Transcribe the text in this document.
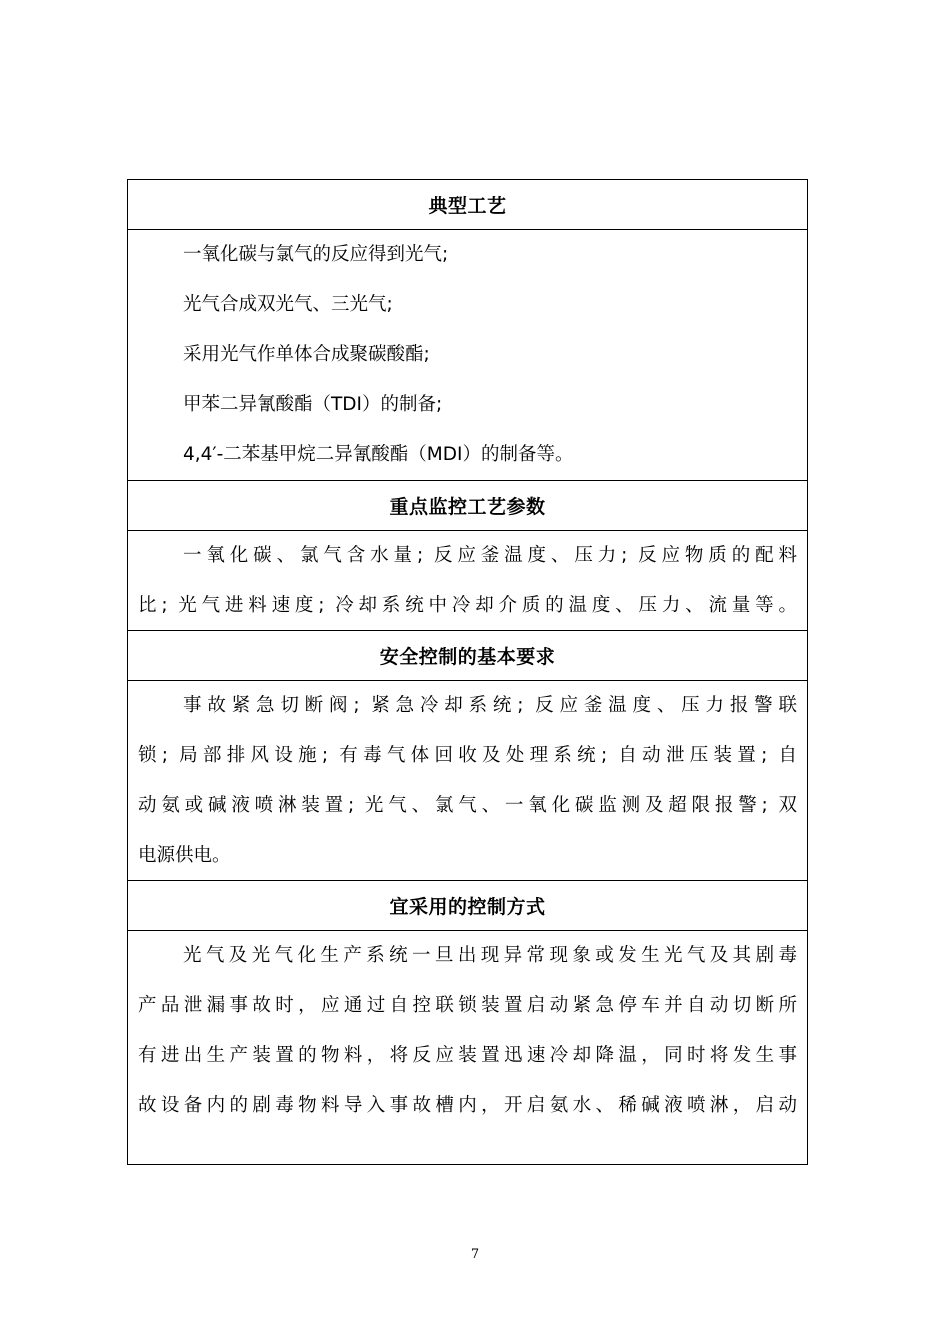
典型工艺
一氧化碳与氯气的反应得到光气;
光气合成双光气、三光气;
采用光气作单体合成聚碳酸酯;
甲苯二异氰酸酯（TDI）的制备;
4,4′-二苯基甲烷二异氰酸酯（MDI）的制备等。
重点监控工艺参数
一氧化碳、氯气含水量; 反应釜温度、压力; 反应物质的配料
比; 光气进料速度; 冷却系统中冷却介质的温度、压力、流量等。
安全控制的基本要求
事故紧急切断阀; 紧急冷却系统; 反应釜温度、压力报警联
锁; 局部排风设施; 有毒气体回收及处理系统; 自动泄压装置; 自
动氨或碱液喷淋装置; 光气、氯气、一氧化碳监测及超限报警; 双
电源供电。
宜采用的控制方式
光气及光气化生产系统一旦出现异常现象或发生光气及其剧毒
产品泄漏事故时，应通过自控联锁装置启动紧急停车并自动切断所
有进出生产装置的物料，将反应装置迅速冷却降温，同时将发生事
故设备内的剧毒物料导入事故槽内，开启氨水、稀碱液喷淋，启动
7
